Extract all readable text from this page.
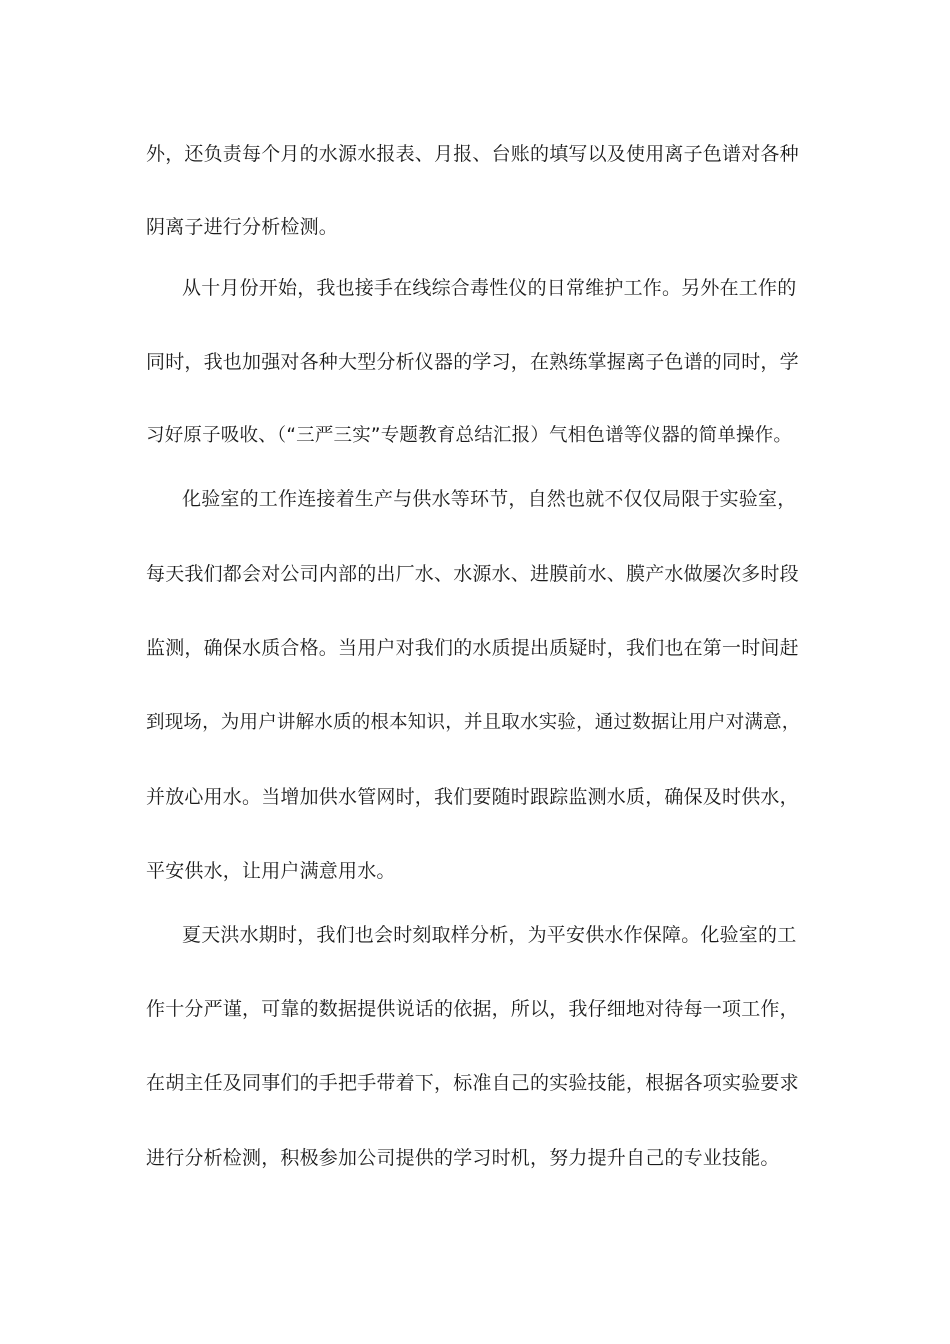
外，还负责每个月的水源水报表、月报、台账的填写以及使用离子色谱对各种
阴离子进行分析检测。
从十月份开始，我也接手在线综合毒性仪的日常维护工作。另外在工作的
同时，我也加强对各种大型分析仪器的学习，在熟练掌握离子色谱的同时，学
习好原子吸收、（“三严三实”专题教育总结汇报）气相色谱等仪器的简单操作。
化验室的工作连接着生产与供水等环节，自然也就不仅仅局限于实验室，
每天我们都会对公司内部的出厂水、水源水、进膜前水、膜产水做屡次多时段
监测，确保水质合格。当用户对我们的水质提出质疑时，我们也在第一时间赶
到现场，为用户讲解水质的根本知识，并且取水实验，通过数据让用户对满意，
并放心用水。当增加供水管网时，我们要随时跟踪监测水质，确保及时供水，
平安供水，让用户满意用水。
夏天洪水期时，我们也会时刻取样分析，为平安供水作保障。化验室的工
作十分严谨，可靠的数据提供说话的依据，所以，我仔细地对待每一项工作，
在胡主任及同事们的手把手带着下，标准自己的实验技能，根据各项实验要求
进行分析检测，积极参加公司提供的学习时机，努力提升自己的专业技能。
